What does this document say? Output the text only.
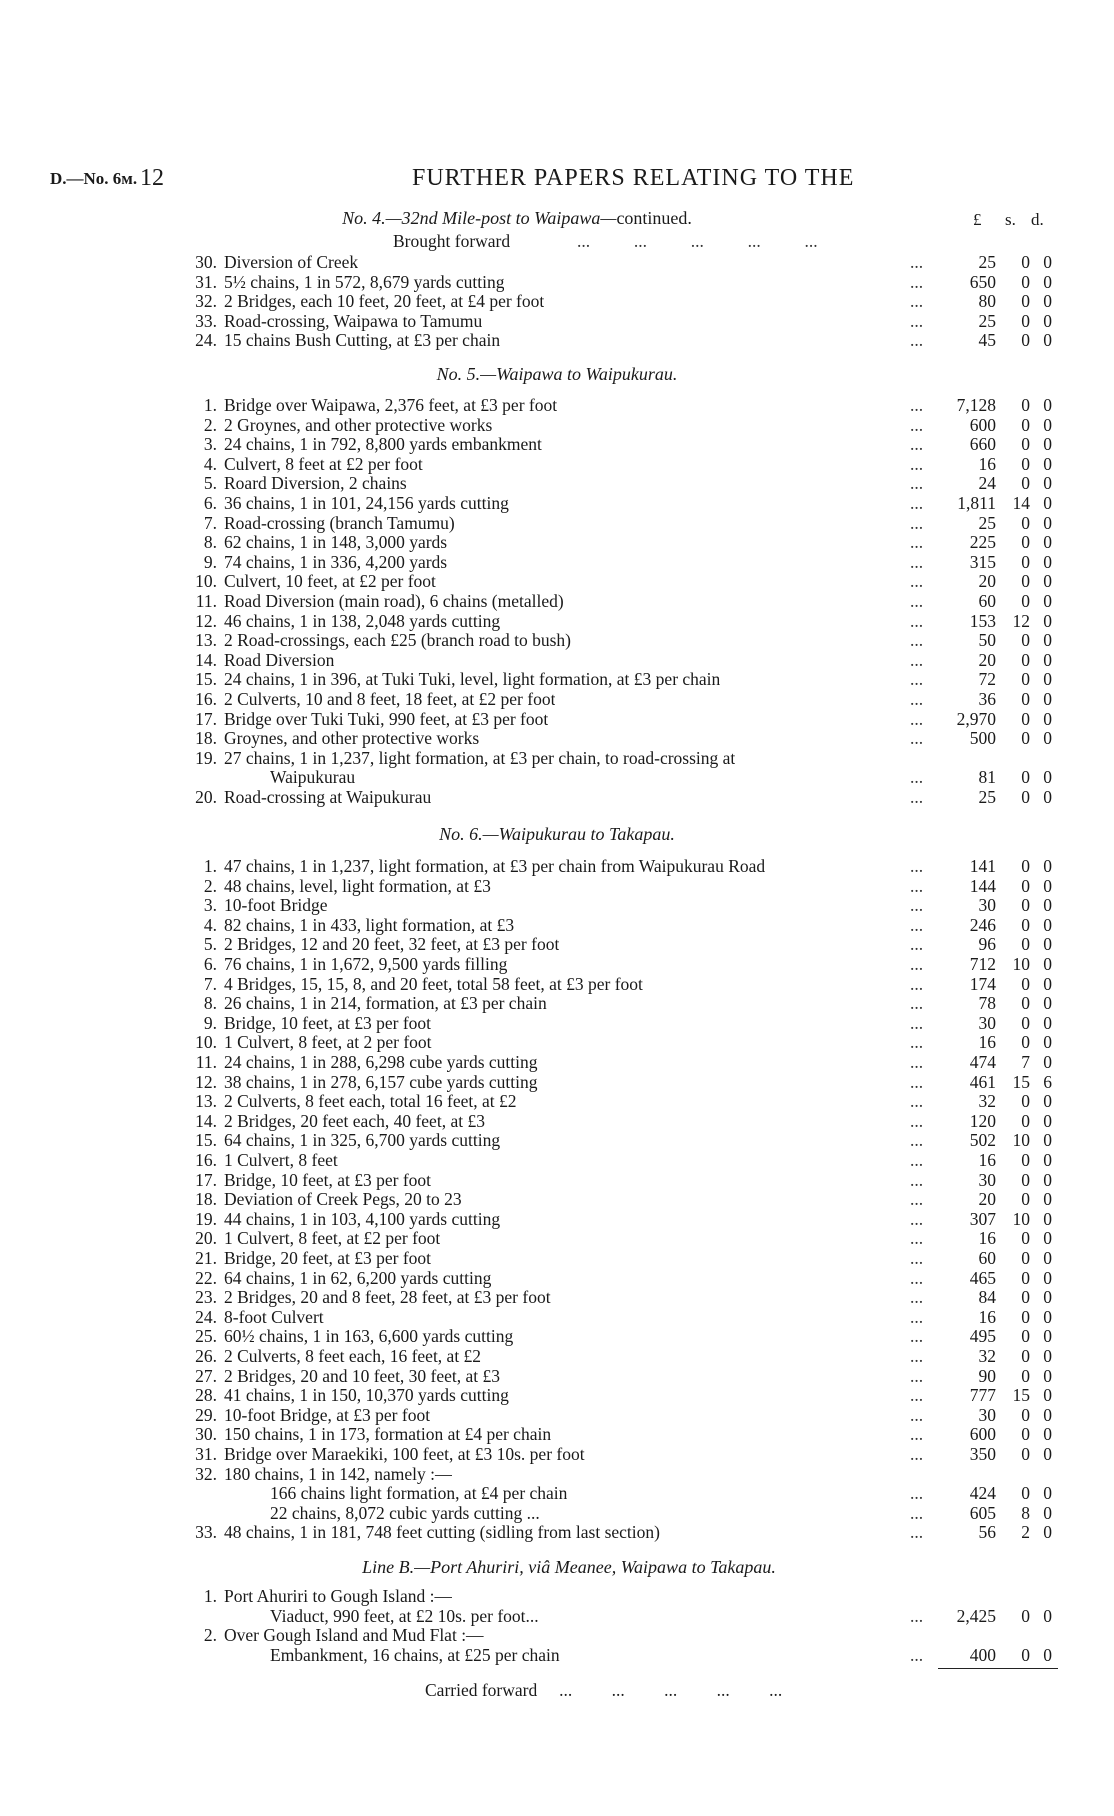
D.—No. 6м. 12	FURTHER PAPERS RELATING TO THE
£ s. d.
No. 4.—32nd Mile-post to Waipawa—continued.
Brought forward	...          ...          ...          ...          ...
30. Diversion of Creek	...	25 0 0
31. 5½ chains, 1 in 572, 8,679 yards cutting	...	650 0 0
32. 2 Bridges, each 10 feet, 20 feet, at £4 per foot	...	80 0 0
33. Road-crossing, Waipawa to Tamumu	...	25 0 0
24. 15 chains Bush Cutting, at £3 per chain	...	45 0 0
No. 5.—Waipawa to Waipukurau.
1. Bridge over Waipawa, 2,376 feet, at £3 per foot	... 7,128 0 0
2. 2 Groynes, and other protective works	...	600 0 0
3. 24 chains, 1 in 792, 8,800 yards embankment	...	660 0 0
4. Culvert, 8 feet at £2 per foot	...	16 0 0
5. Roard Diversion, 2 chains	...	24 0 0
6. 36 chains, 1 in 101, 24,156 yards cutting	... 1,811 14 0
7. Road-crossing (branch Tamumu)	...	25 0 0
8. 62 chains, 1 in 148, 3,000 yards	...	225 0 0
9. 74 chains, 1 in 336, 4,200 yards	...	315 0 0
10. Culvert, 10 feet, at £2 per foot	...	20 0 0
11. Road Diversion (main road), 6 chains (metalled)	...	60 0 0
12. 46 chains, 1 in 138, 2,048 yards cutting	...	153 12 0
13. 2 Road-crossings, each £25 (branch road to bush)	...	50 0 0
14. Road Diversion	...	20 0 0
15. 24 chains, 1 in 396, at Tuki Tuki, level, light formation, at £3 per chain	...	72 0 0
16. 2 Culverts, 10 and 8 feet, 18 feet, at £2 per foot	...	36 0 0
17. Bridge over Tuki Tuki, 990 feet, at £3 per foot	... 2,970 0 0
18. Groynes, and other protective works	...	500 0 0
19. 27 chains, 1 in 1,237, light formation, at £3 per chain, to road-crossing at
Waipukurau	...	81 0 0
20. Road-crossing at Waipukurau	...	25 0 0
No. 6.—Waipukurau to Takapau.
1. 47 chains, 1 in 1,237, light formation, at £3 per chain from Waipukurau Road	...	141 0 0
2. 48 chains, level, light formation, at £3	...	144 0 0
3. 10-foot Bridge	...	30 0 0
4. 82 chains, 1 in 433, light formation, at £3	...	246 0 0
5. 2 Bridges, 12 and 20 feet, 32 feet, at £3 per foot	...	96 0 0
6. 76 chains, 1 in 1,672, 9,500 yards filling	...	712 10 0
7. 4 Bridges, 15, 15, 8, and 20 feet, total 58 feet, at £3 per foot	...	174 0 0
8. 26 chains, 1 in 214, formation, at £3 per chain	...	78 0 0
9. Bridge, 10 feet, at £3 per foot	...	30 0 0
10. 1 Culvert, 8 feet, at 2 per foot	...	16 0 0
11. 24 chains, 1 in 288, 6,298 cube yards cutting	...	474 7 0
12. 38 chains, 1 in 278, 6,157 cube yards cutting	...	461 15 6
13. 2 Culverts, 8 feet each, total 16 feet, at £2	...	32 0 0
14. 2 Bridges, 20 feet each, 40 feet, at £3	...	120 0 0
15. 64 chains, 1 in 325, 6,700 yards cutting	...	502 10 0
16. 1 Culvert, 8 feet	...	16 0 0
17. Bridge, 10 feet, at £3 per foot	...	30 0 0
18. Deviation of Creek Pegs, 20 to 23	...	20 0 0
19. 44 chains, 1 in 103, 4,100 yards cutting	...	307 10 0
20. 1 Culvert, 8 feet, at £2 per foot	...	16 0 0
21. Bridge, 20 feet, at £3 per foot	...	60 0 0
22. 64 chains, 1 in 62, 6,200 yards cutting	...	465 0 0
23. 2 Bridges, 20 and 8 feet, 28 feet, at £3 per foot	...	84 0 0
24. 8-foot Culvert	...	16 0 0
25. 60½ chains, 1 in 163, 6,600 yards cutting	...	495 0 0
26. 2 Culverts, 8 feet each, 16 feet, at £2	...	32 0 0
27. 2 Bridges, 20 and 10 feet, 30 feet, at £3	...	90 0 0
28. 41 chains, 1 in 150, 10,370 yards cutting	...	777 15 0
29. 10-foot Bridge, at £3 per foot	...	30 0 0
30. 150 chains, 1 in 173, formation at £4 per chain	...	600 0 0
31. Bridge over Maraekiki, 100 feet, at £3 10s. per foot	...	350 0 0
32. 180 chains, 1 in 142, namely :—
166 chains light formation, at £4 per chain	...	424 0 0
22 chains, 8,072 cubic yards cutting ...	...	605 8 0
33. 48 chains, 1 in 181, 748 feet cutting (sidling from last section)	...	56 2 0
Line B.—Port Ahuriri, viâ Meanee, Waipawa to Takapau.
1. Port Ahuriri to Gough Island :—
Viaduct, 990 feet, at £2 10s. per foot...	... 2,425 0 0
2. Over Gough Island and Mud Flat :—
Embankment, 16 chains, at £25 per chain	...	400 0 0
Carried forward     ...         ...         ...         ...         ...
